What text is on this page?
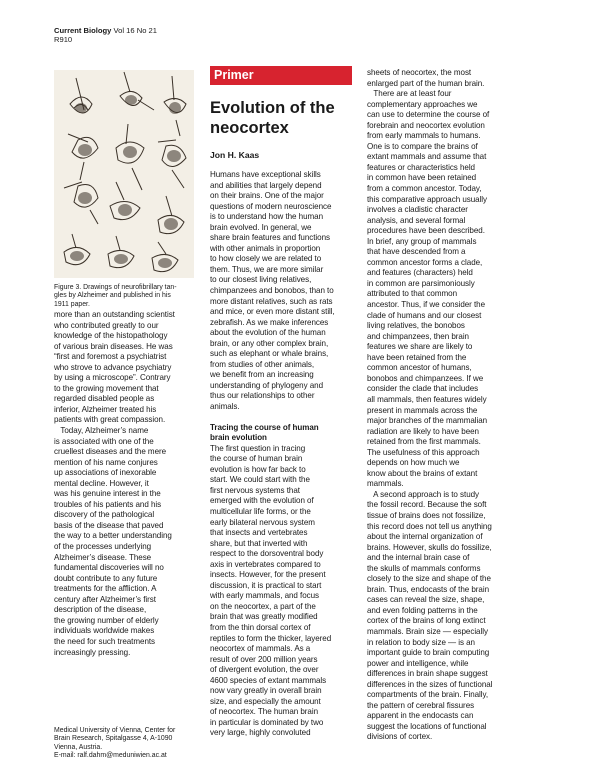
Current Biology Vol 16 No 21
R910

Figure 3. Drawings of neurofibrillary tan-

gles by Alzheimer and published in his

1911 paper.

more than an outstanding scientist

who contributed greatly to our

knowledge of the histopathology

of various brain diseases. He was

“first and foremost a psychiatrist

who strove to advance psychiatry

by using a microscope”. Contrary

to the growing movement that

regarded disabled people as

inferior, Alzheimer treated his

patients with great compassion.

Today, Alzheimer’s name

is associated with one of the

cruellest diseases and the mere

mention of his name conjures

up associations of inexorable

mental decline. However, it

was his genuine interest in the

troubles of his patients and his

discovery of the pathological

basis of the disease that paved

the way to a better understanding

of the processes underlying

Alzheimer’s disease. These

fundamental discoveries will no

doubt contribute to any future

treatments for the affliction. A

century after Alzheimer’s first

description of the disease,

the growing number of elderly

individuals worldwide makes

the need for such treatments

increasingly pressing.

Medical University of Vienna, Center for

Brain Research, Spitalgasse 4, A-1090

Vienna, Austria.

E-mail: ralf.dahm@meduniwien.ac.at

Primer

Evolution of the

neocortex

Jon H. Kaas

Humans have exceptional skills

and abilities that largely depend

on their brains. One of the major

questions of modern neuroscience

is to understand how the human

brain evolved. In general, we

share brain features and functions

with other animals in proportion

to how closely we are related to

them. Thus, we are more similar

to our closest living relatives,

chimpanzees and bonobos, than to

more distant relatives, such as rats

and mice, or even more distant still,

zebrafish. As we make inferences

about the evolution of the human

brain, or any other complex brain,

such as elephant or whale brains,

from studies of other animals,

we benefit from an increasing

understanding of phylogeny and

thus our relationships to other

animals.

Tracing the course of human

brain evolution

The first question in tracing

the course of human brain

evolution is how far back to

start. We could start with the

first nervous systems that

emerged with the evolution of

multicellular life forms, or the

early bilateral nervous system

that insects and vertebrates

share, but that inverted with

respect to the dorsoventral body

axis in vertebrates compared to

insects. However, for the present

discussion, it is practical to start

with early mammals, and focus

on the neocortex, a part of the

brain that was greatly modified

from the thin dorsal cortex of

reptiles to form the thicker, layered

neocortex of mammals. As a

result of over 200 million years

of divergent evolution, the over

4600 species of extant mammals

now vary greatly in overall brain

size, and especially the amount

of neocortex. The human brain

in particular is dominated by two

very large, highly convoluted

sheets of neocortex, the most

enlarged part of the human brain.

There are at least four

complementary approaches we

can use to determine the course of

forebrain and neocortex evolution

from early mammals to humans.

One is to compare the brains of

extant mammals and assume that

features or characteristics held

in common have been retained

from a common ancestor. Today,

this comparative approach usually

involves a cladistic character

analysis, and several formal

procedures have been described.

In brief, any group of mammals

that have descended from a

common ancestor forms a clade,

and features (characters) held

in common are parsimoniously

attributed to that common

ancestor. Thus, if we consider the

clade of humans and our closest

living relatives, the bonobos

and chimpanzees, then brain

features we share are likely to

have been retained from the

common ancestor of humans,

bonobos and chimpanzees. If we

consider the clade that includes

all mammals, then features widely

present in mammals across the

major branches of the mammalian

radiation are likely to have been

retained from the first mammals.

The usefulness of this approach

depends on how much we

know about the brains of extant

mammals.

A second approach is to study

the fossil record. Because the soft

tissue of brains does not fossilize,

this record does not tell us anything

about the internal organization of

brains. However, skulls do fossilize,

and the internal brain case of

the skulls of mammals conforms

closely to the size and shape of the

brain. Thus, endocasts of the brain

cases can reveal the size, shape,

and even folding patterns in the

cortex of the brains of long extinct

mammals. Brain size — especially

in relation to body size — is an

important guide to brain computing

power and intelligence, while

differences in brain shape suggest

differences in the sizes of functional

compartments of the brain. Finally,

the pattern of cerebral fissures

apparent in the endocasts can

suggest the locations of functional

divisions of cortex.
